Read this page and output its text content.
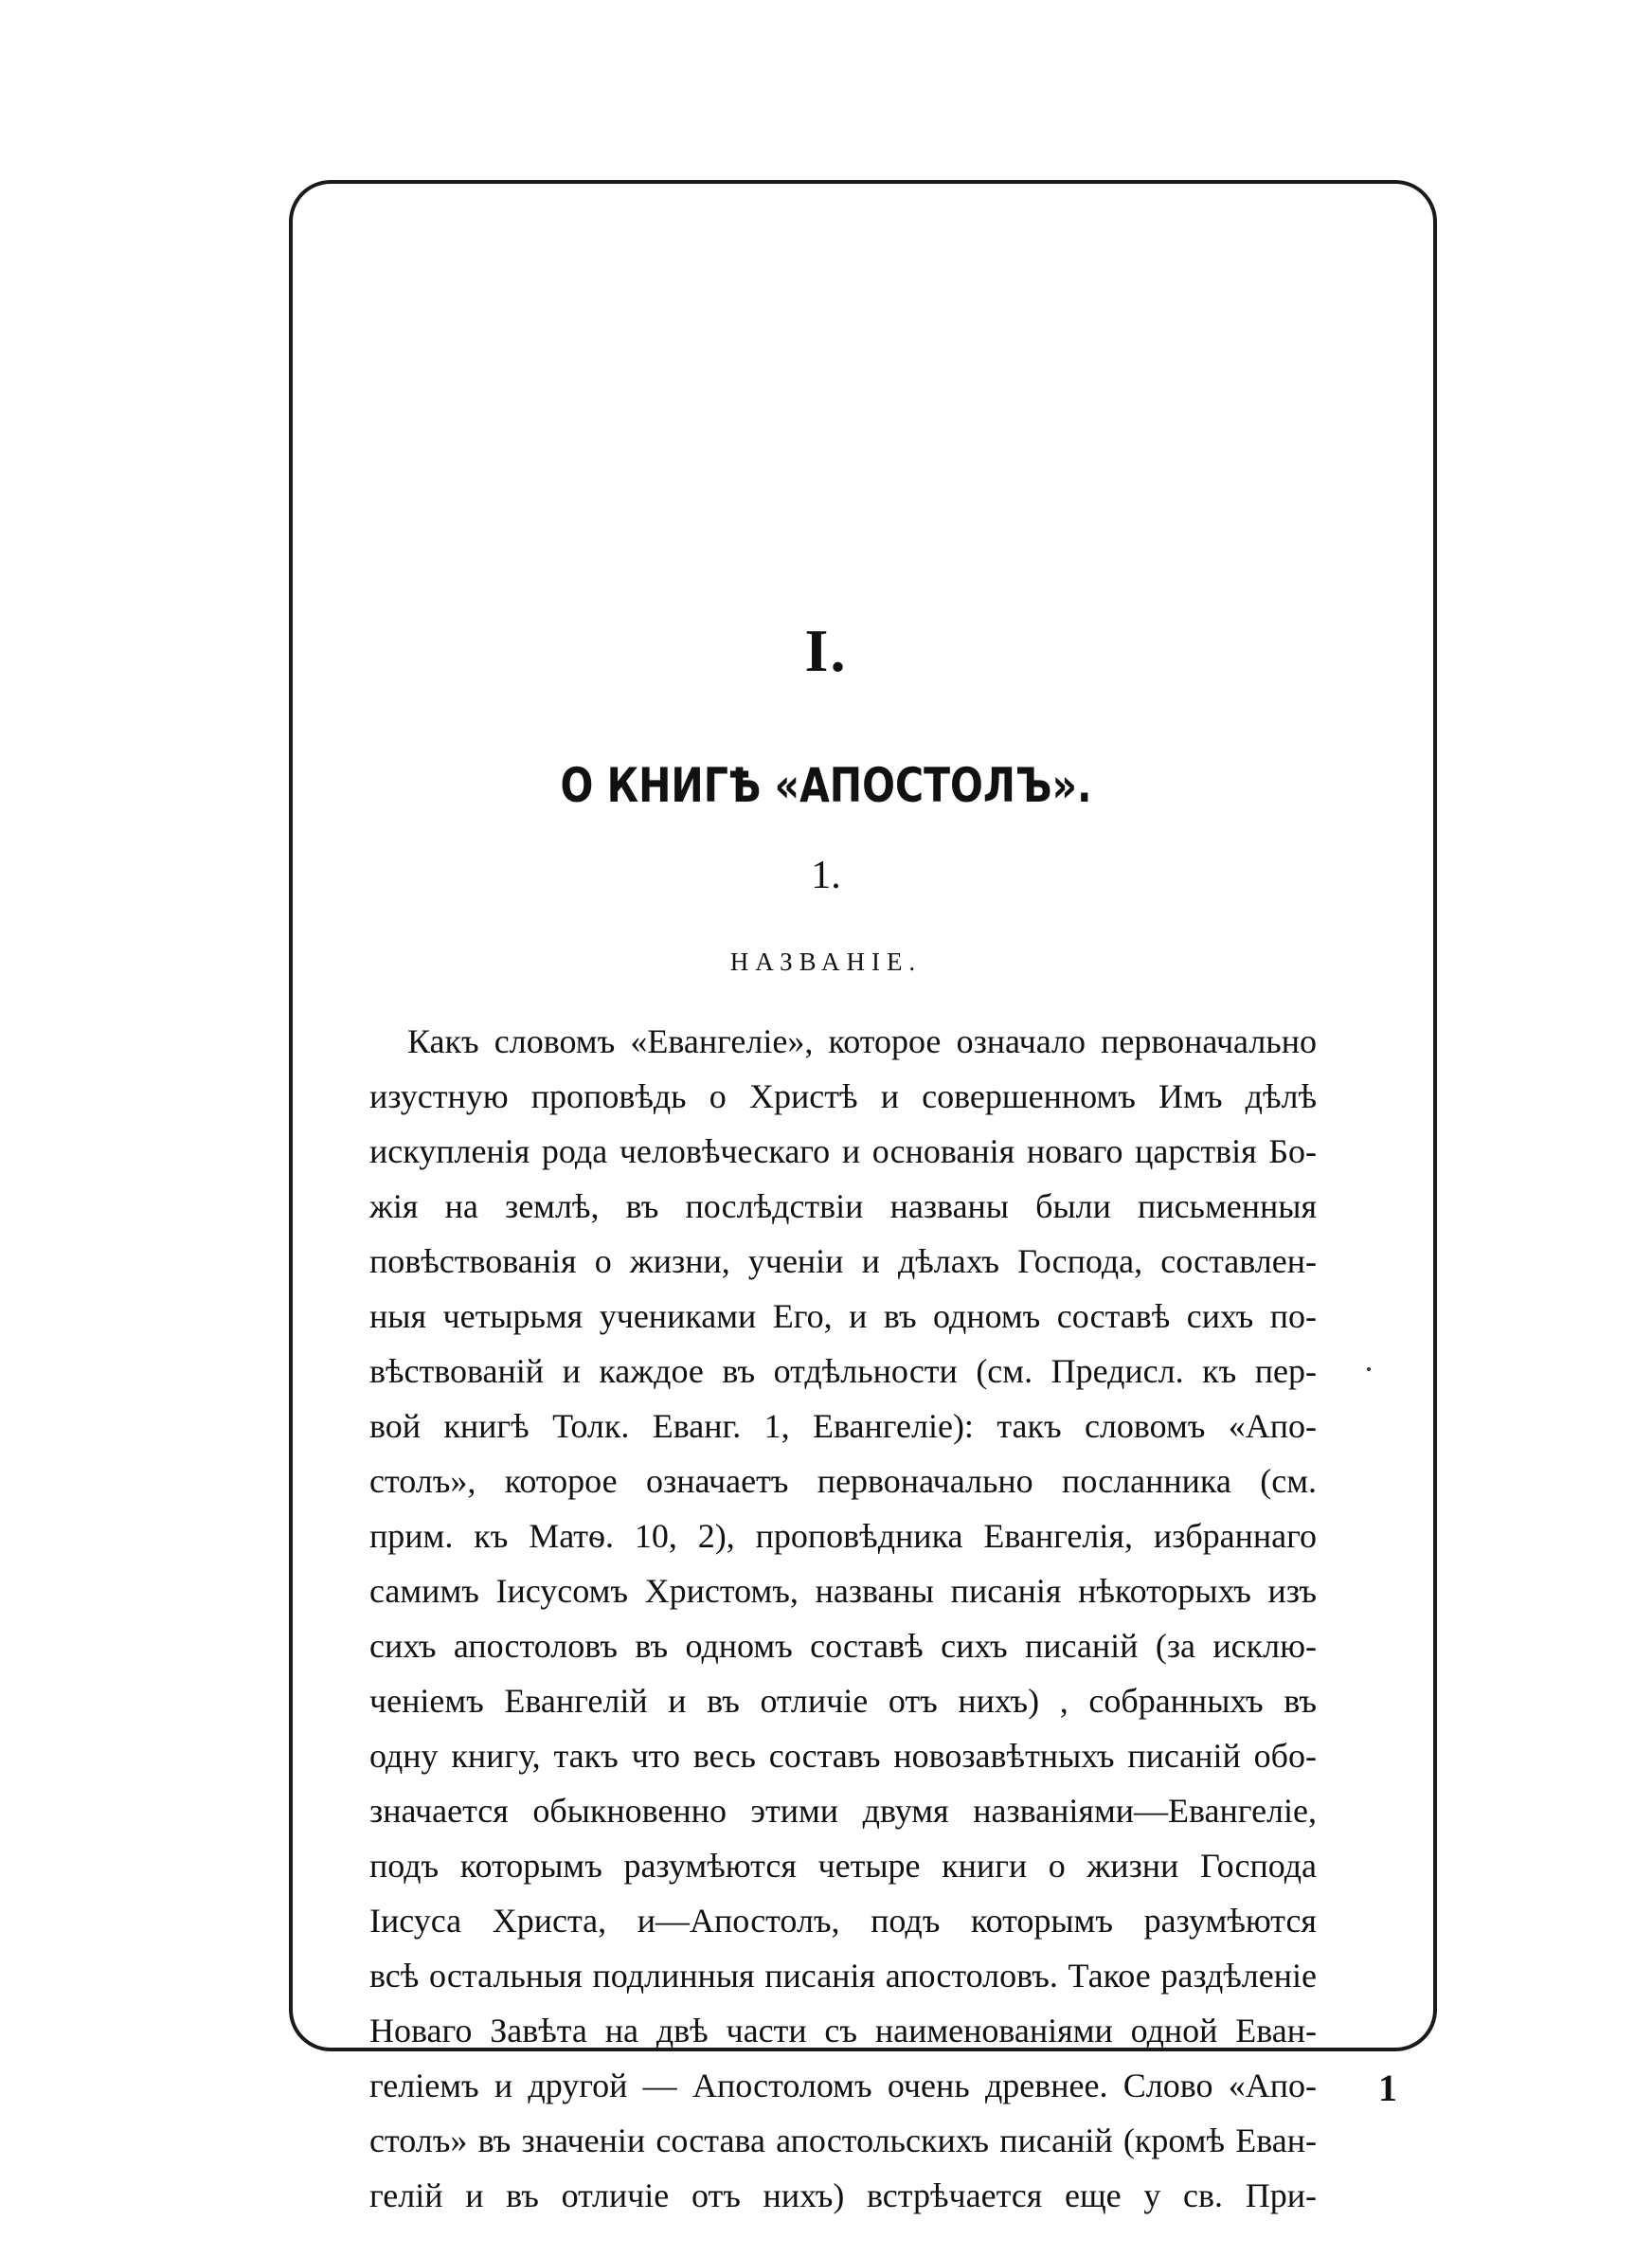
I.
О КНИГѢ «АПОСТОЛЪ».
1.
НАЗВАНІЕ.
Какъ словомъ «Евангеліе», которое означало первоначально
изустную проповѣдь о Христѣ и совершенномъ Имъ дѣлѣ
искупленія рода человѣческаго и основанія новаго царствія Бо-
жія на землѣ, въ послѣдствіи названы были письменныя
повѣствованія о жизни, ученіи и дѣлахъ Господа, составлен-
ныя четырьмя учениками Его, и въ одномъ составѣ сихъ по-
вѣствованій и каждое въ отдѣльности (см. Предисл. къ пер-
вой книгѣ Толк. Еванг. 1, Евангеліе): такъ словомъ «Апо-
столъ», которое означаетъ первоначально посланника (см.
прим. къ Матѳ. 10, 2), проповѣдника Евангелія, избраннаго
самимъ Іисусомъ Христомъ, названы писанія нѣкоторыхъ изъ
сихъ апостоловъ въ одномъ составѣ сихъ писаній (за исклю-
ченіемъ Евангелій и въ отличіе отъ нихъ) , собранныхъ въ
одну книгу, такъ что весь составъ новозавѣтныхъ писаній обо-
значается обыкновенно этими двумя названіями—Евангеліе,
подъ которымъ разумѣются четыре книги о жизни Господа
Іисуса Христа, и—Апостолъ, подъ которымъ разумѣются
всѣ остальныя подлинныя писанія апостоловъ. Такое раздѣленіе
Новаго Завѣта на двѣ части съ наименованіями одной Еван-
геліемъ и другой — Апостоломъ очень древнее. Слово «Апо-
столъ» въ значеніи состава апостольскихъ писаній (кромѣ Еван-
гелій и въ отличіе отъ нихъ) встрѣчается еще у св. При-
1
